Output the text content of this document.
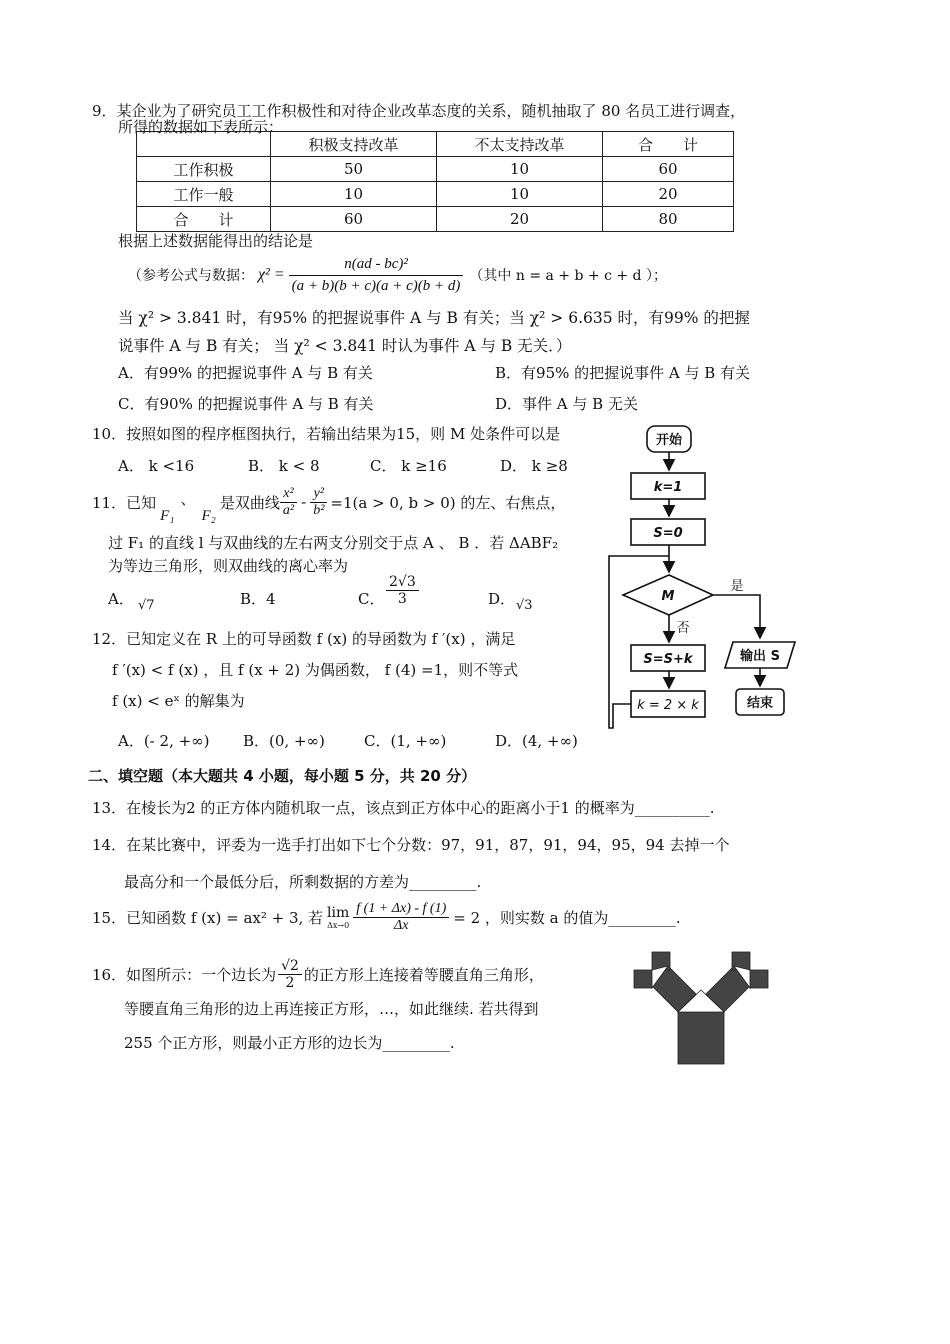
9．某企业为了研究员工工作积极性和对待企业改革态度的关系，随机抽取了 80 名员工进行调查，
所得的数据如下表所示：
	积极支持改革	不太支持改革	合　　计
工作积极	50	10	60
工作一般	10	10	20
合　　计	60	20	80
根据上述数据能得出的结论是
（参考公式与数据： $\chi^2 = \frac{\text{n(ad - bc)²}}{(a + b)(b + c)(a + c)(b + d)}$ （其中 n = a + b + c + d ）；
当 χ² > 3.841 时，有95% 的把握说事件 A 与 B 有关；当 χ² > 6.635 时，有99% 的把握
说事件 A 与 B 有关； 当 χ² < 3.841 时认为事件 A 与 B 无关．）
A．有99% 的把握说事件 A 与 B 有关	B．有95% 的把握说事件 A 与 B 有关
C．有90% 的把握说事件 A 与 B 有关	D．事件 A 与 B 无关
10．按照如图的程序框图执行，若输出结果为15，则 M 处条件可以是
A． k <16	B． k < 8	C． k ≥16	D． k ≥8
11．已知
F₁
、
F₂
是双曲线 $\frac{\text{x²}}{\text{a²}} - \frac{\text{y²}}{\text{b²}} =1(a > 0$, b > 0) 的左、右焦点，
过 F₁ 的直线 l 与双曲线的左右两支分别交于点 A 、 B ．若 ΔABF₂
为等边三角形，则双曲线的离心率为
A． √7	B．4	C． $\frac{2√3}{3}$	D． √3
12．已知定义在 R 上的可导函数 f (x) 的导函数为 f ′(x) ，满足
f ′(x) < f (x) ，且 f (x + 2) 为偶函数， f (4) =1，则不等式
f (x) < eˣ 的解集为
A．(- 2, +∞) B．(0, +∞)	C．(1, +∞)	D．(4, +∞)
二、填空题（本大题共 4 小题，每小题 5 分，共 20 分）
13．在棱长为2 的正方体内随机取一点，该点到正方体中心的距离小于1 的概率为__________.
14．在某比赛中，评委为一选手打出如下七个分数：97，91，87，91，94，95，94 去掉一个
最高分和一个最低分后，所剩数据的方差为_________.
15．已知函数 f (x) = ax² + 3, 若 lim
$\Delta x\to 0 \frac{f (1 + \Delta x) - f (1)}{\Delta x} = 2$ ，则实数 a 的值为_________.
16．如图所示：一个边长为 $\frac{√2}{2}$ 的正方形上连接着等腰直角三角形，
等腰直角三角形的边上再连接正方形，…，如此继续. 若共得到
255 个正方形，则最小正方形的边长为_________.
开始
k=1
S=0
M
是
否
S=S+k
k = 2 × k
输出 S
结束
